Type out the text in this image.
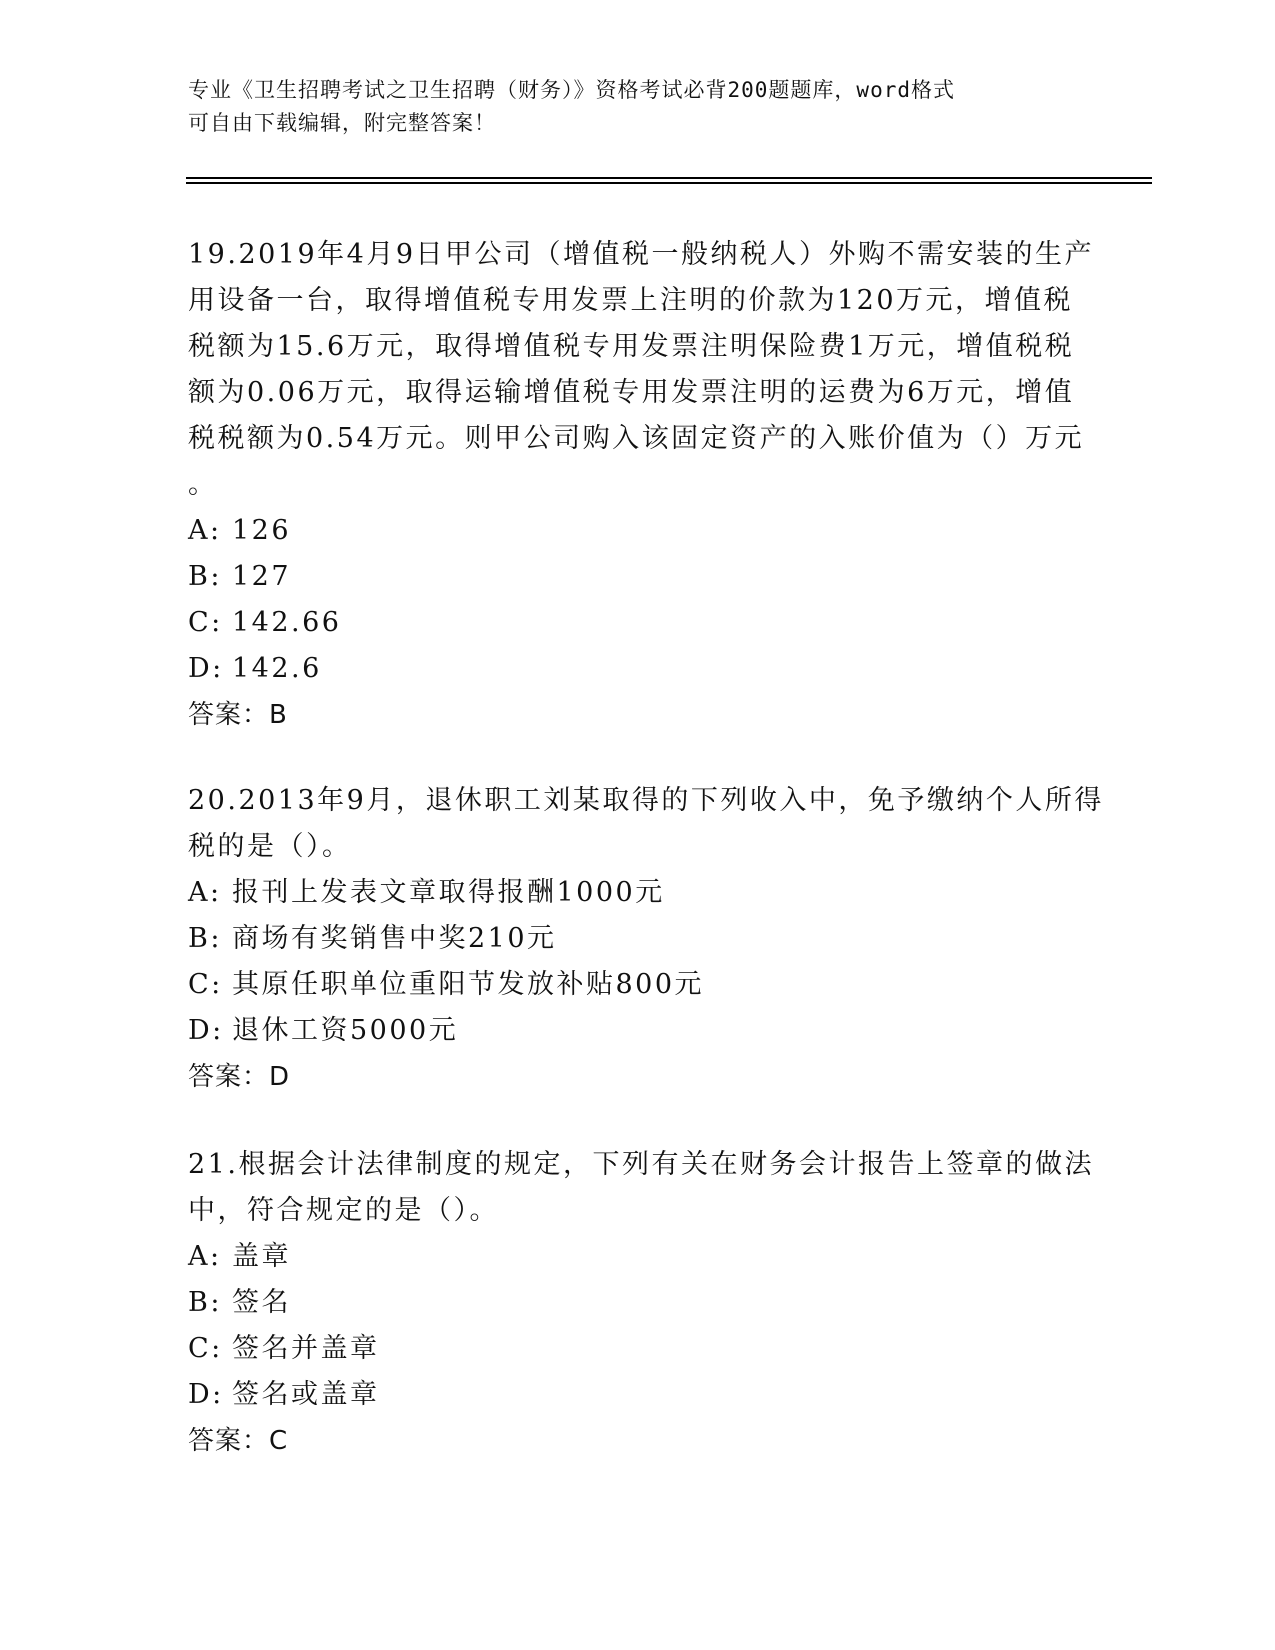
专业《卫生招聘考试之卫生招聘（财务）》资格考试必背200题题库，word格式
可自由下载编辑，附完整答案！
19.2019年4月9日甲公司（增值税一般纳税人）外购不需安装的生产
用设备一台，取得增值税专用发票上注明的价款为120万元，增值税
税额为15.6万元，取得增值税专用发票注明保险费1万元，增值税税
额为0.06万元，取得运输增值税专用发票注明的运费为6万元，增值
税税额为0.54万元。则甲公司购入该固定资产的入账价值为（）万元
。
A: 126
B: 127
C: 142.66
D: 142.6
答案：B
20.2013年9月，退休职工刘某取得的下列收入中，免予缴纳个人所得
税的是（）。
A: 报刊上发表文章取得报酬1000元
B: 商场有奖销售中奖210元
C: 其原任职单位重阳节发放补贴800元
D: 退休工资5000元
答案：D
21.根据会计法律制度的规定，下列有关在财务会计报告上签章的做法
中，符合规定的是（）。
A: 盖章
B: 签名
C: 签名并盖章
D: 签名或盖章
答案：C
